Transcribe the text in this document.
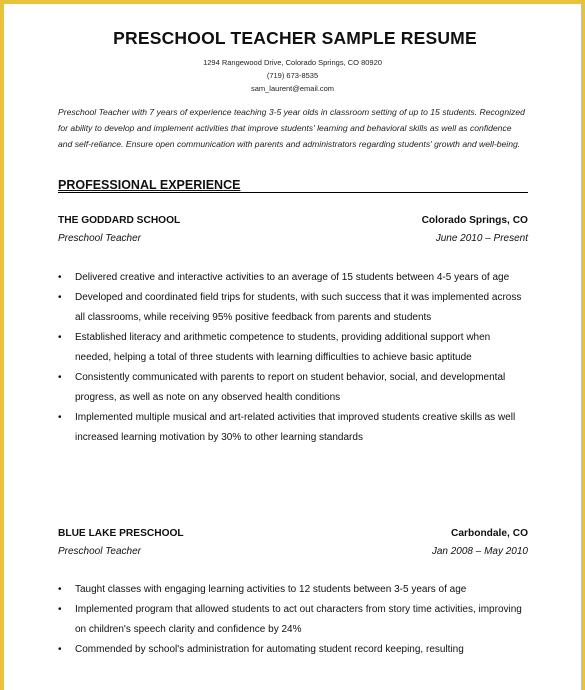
PRESCHOOL TEACHER SAMPLE RESUME
1294 Rangewood Drive, Colorado Springs, CO 80920
(719) 673-8535
sam_laurent@email.com
Preschool Teacher with 7 years of experience teaching 3-5 year olds in classroom setting of up to 15 students. Recognized for ability to develop and implement activities that improve students' learning and behavioral skills as well as confidence and self-reliance. Ensure open communication with parents and administrators regarding students' growth and well-being.
PROFESSIONAL EXPERIENCE
THE GODDARD SCHOOL	Colorado Springs, CO
Preschool Teacher	June 2010 – Present
• Delivered creative and interactive activities to an average of 15 students between 4-5 years of age
• Developed and coordinated field trips for students, with such success that it was implemented across all classrooms, while receiving 95% positive feedback from parents and students
• Established literacy and arithmetic competence to students, providing additional support when needed, helping a total of three students with learning difficulties to achieve basic aptitude
• Consistently communicated with parents to report on student behavior, social, and developmental progress, as well as note on any observed health conditions
• Implemented multiple musical and art-related activities that improved students creative skills as well increased learning motivation by 30% to other learning standards
BLUE LAKE PRESCHOOL	Carbondale, CO
Preschool Teacher	Jan 2008 – May 2010
• Taught classes with engaging learning activities to 12 students between 3-5 years of age
• Implemented program that allowed students to act out characters from story time activities, improving on children's speech clarity and confidence by 24%
• Commended by school's administration for automating student record keeping, resulting
